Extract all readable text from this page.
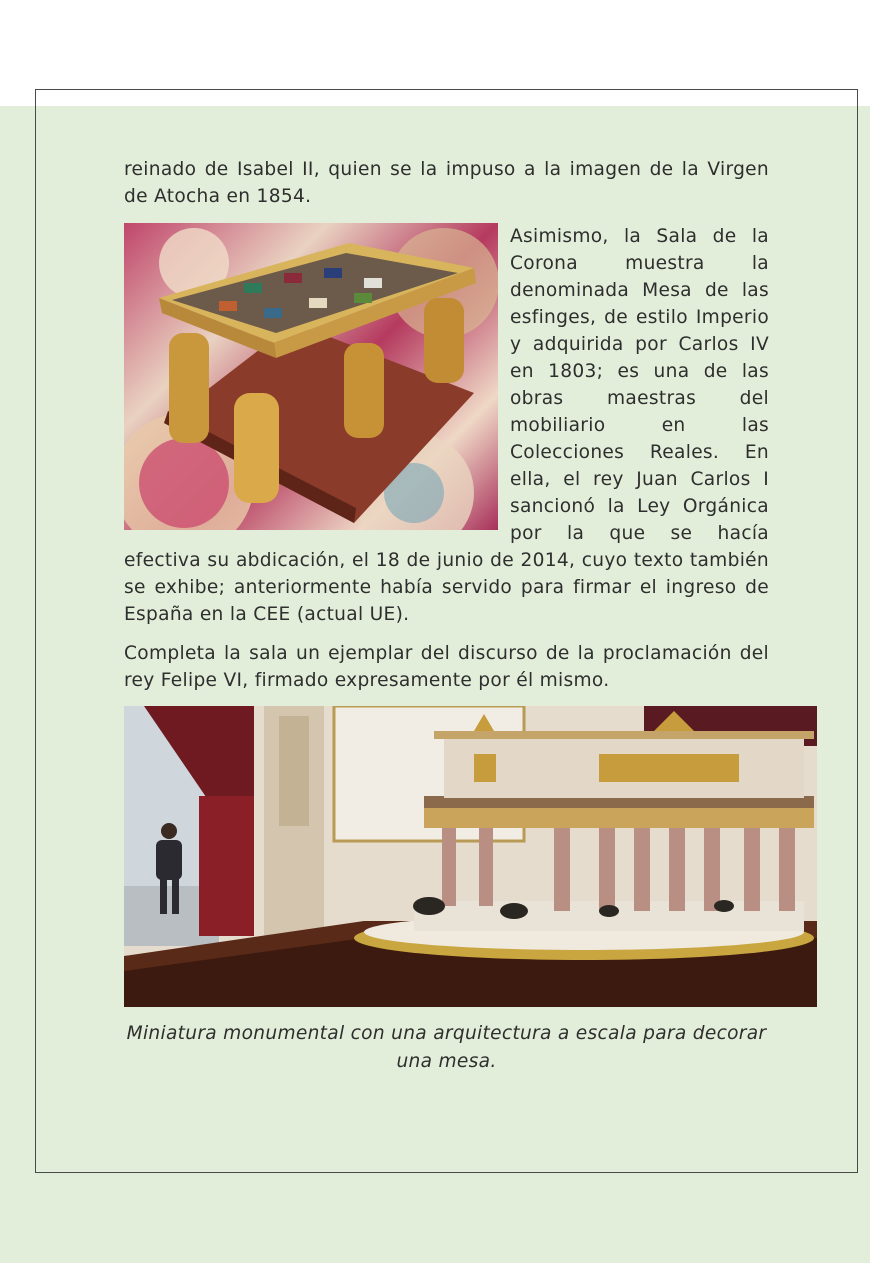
reinado de Isabel II, quien se la impuso a la imagen de la Virgen de Atocha en 1854.
Asimismo, la Sala de la Corona muestra la denominada Mesa de las esfinges, de estilo Imperio y adquirida por Carlos IV en 1803; es una de las obras maestras del mobiliario en las Colecciones Reales. En ella, el rey Juan Carlos I sancionó la Ley Orgánica por la que se hacía efectiva su abdicación, el 18 de junio de 2014, cuyo texto también se exhibe; anteriormente había servido para firmar el ingreso de España en la CEE (actual UE).
Completa la sala un ejemplar del discurso de la proclamación del rey Felipe VI, firmado expresamente por él mismo.
Miniatura monumental con una arquitectura a escala para decorar una mesa.
